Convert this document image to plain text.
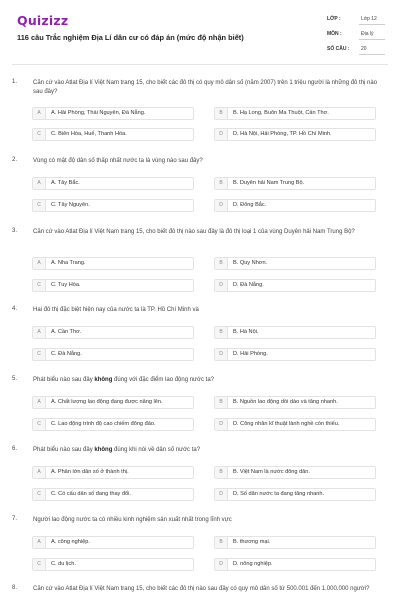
Quizizz
116 câu Trắc nghiệm Địa Lí dân cư có đáp án (mức độ nhận biết)
LỚP :	Lớp 12
MÔN :	Địa lý
SỐ CÂU : 20
1.	Căn cứ vào Atlat Địa lí Việt Nam trang 15, cho biết các đô thị có quy mô dân số (năm 2007) trên 1 triệu người là những đô thị nào sau đây?
A	A. Hải Phòng, Thái Nguyên, Đà Nẵng.	B	B. Hạ Long, Buôn Ma Thuột, Cần Thơ.
C	C. Biên Hòa, Huế, Thanh Hóa.	D	D. Hà Nội, Hải Phòng, TP. Hồ Chí Minh.
2.	Vùng có mật độ dân số thấp nhất nước ta là vùng nào sau đây?
A	A. Tây Bắc.	B	B. Duyên hải Nam Trung Bộ.
C	C. Tây Nguyên.	D	D. Đông Bắc.
3.	Căn cứ vào Atlat Địa lí Việt Nam trang 15, cho biết đô thị nào sau đây là đô thị loại 1 của vùng Duyên hải Nam Trung Bộ?
A	A. Nha Trang.	B	B. Quy Nhơn.
C	C. Tuy Hòa.	D	D. Đà Nẵng.
4.	Hai đô thị đặc biệt hiện nay của nước ta là TP. Hồ Chí Minh và
A	A. Cần Thơ.	B	B. Hà Nội.
C	C. Đà Nẵng.	D	D. Hải Phòng.
5.	Phát biểu nào sau đây không đúng với đặc điểm lao động nước ta?
A	A. Chất lượng lao động đang được nâng lên.	B	B. Nguồn lao động dồi dào và tăng nhanh.
C	C. Lao động trình độ cao chiếm đông đảo.	D	D. Công nhân kĩ thuật lành nghề còn thiếu.
6.	Phát biểu nào sau đây không đúng khi nói về dân số nước ta?
A	A. Phân lớn dân số ở thành thị.	B	B. Việt Nam là nước đông dân.
C	C. Có cấu dân số đang thay đổi.	D	D. Số dân nước ta đang tăng nhanh.
7.	Người lao động nước ta có nhiều kinh nghiệm sản xuất nhất trong lĩnh vực
A	A. công nghiệp.	B	B. thương mại.
C	C. du lịch.	D	D. nông nghiệp.
8.	Căn cứ vào Atlat Địa lí Việt Nam trang 15, cho biết các đô thị nào sau đây có quy mô dân số từ 500.001 đến 1.000.000 người?
